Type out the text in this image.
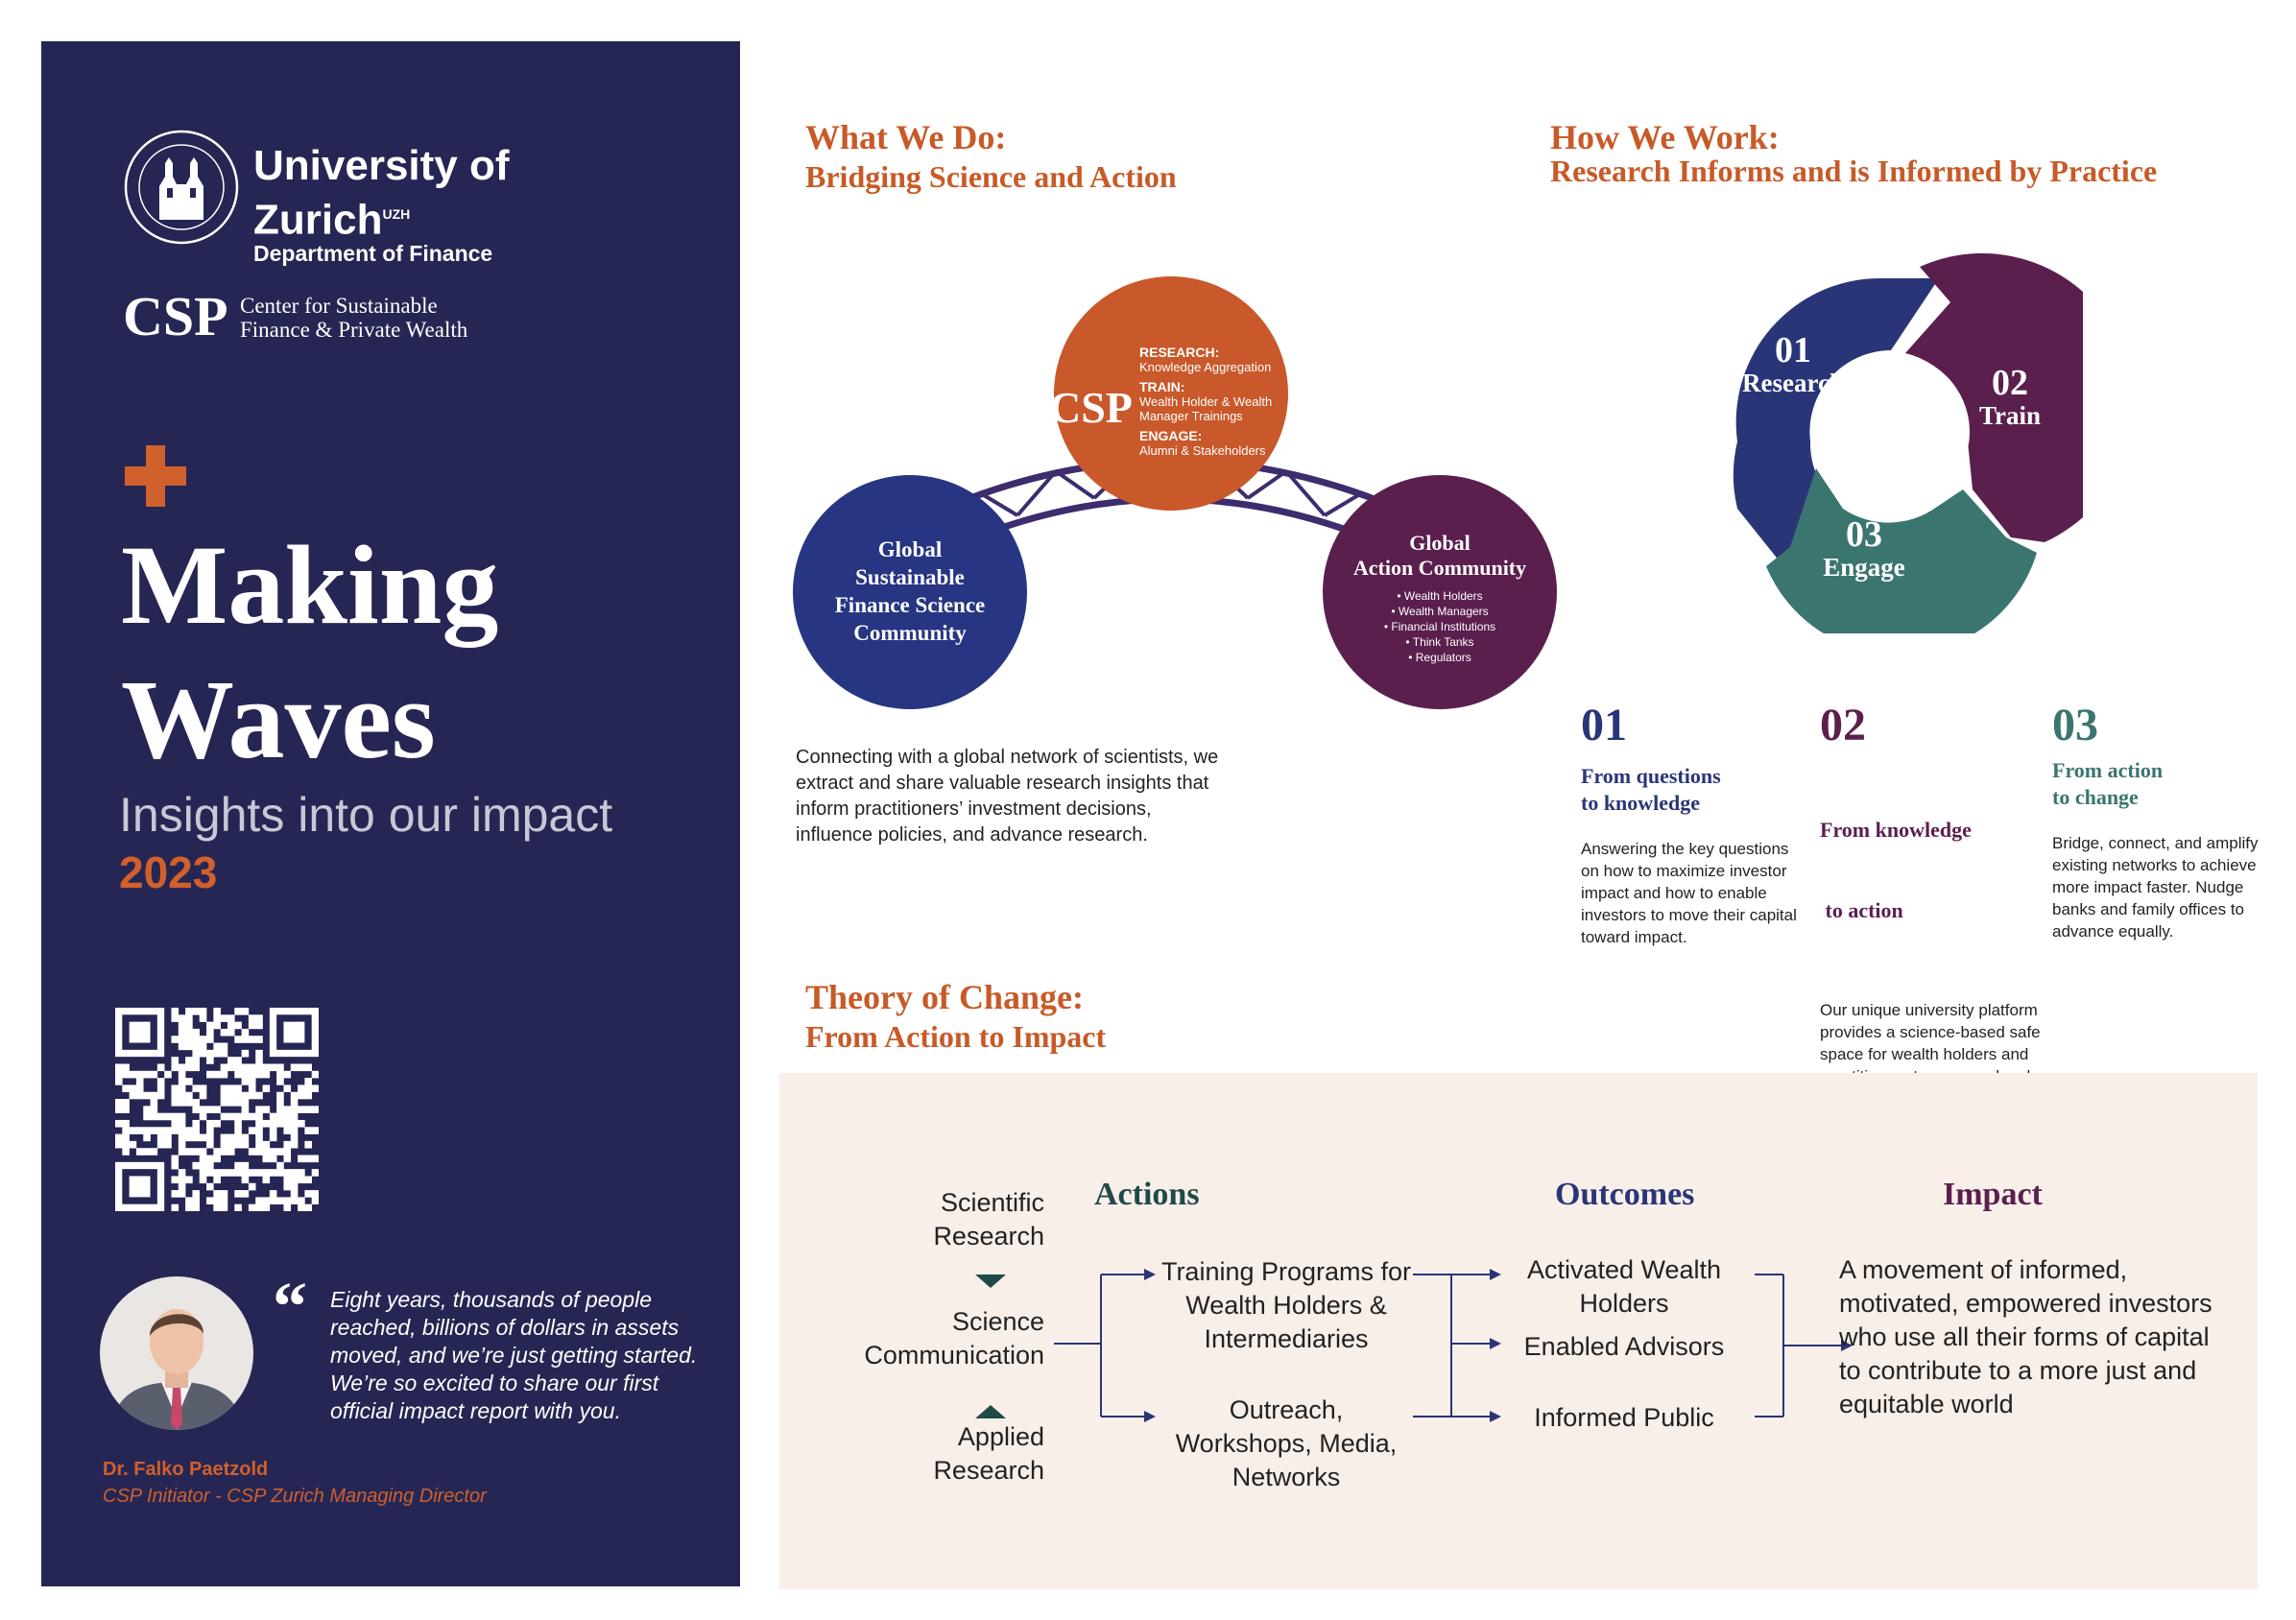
University of
Zurich$^{UZH}$
Department of Finance
CSP Center for Sustainable
Finance & Private Wealth
Making
Waves
Insights into our impact
2023
“ Eight years, thousands of people reached, billions of dollars in assets moved, and we’re just getting started. We’re so excited to share our first official impact report with you.
Dr. Falko Paetzold
CSP Initiator - CSP Zurich Managing Director
What We Do:
Bridging Science and Action
CSP
RESEARCH:
Knowledge Aggregation
TRAIN:
Wealth Holder & Wealth
Manager Trainings
ENGAGE:
Alumni & Stakeholders
Global
Sustainable
Finance Science
Community
Global
Action Community
• Wealth Holders
• Wealth Managers
• Financial Institutions
• Think Tanks
• Regulators
Connecting with a global network of scientists, we extract and share valuable research insights that inform practitioners’ investment decisions, influence policies, and advance research.
How We Work:
Research Informs and is Informed by Practice
01
Research	02
Train
03
Engage
01
From questions
to knowledge
Answering the key questions on how to maximize investor impact and how to enable investors to move their capital toward impact.
02

From knowledge

to action

Our unique university platform provides a science-based safe space for wealth holders and
03
From action
to change
Bridge, connect, and amplify existing networks to achieve more impact faster. Nudge banks and family offices to advance equally.
Theory of Change:
From Action to Impact
Scientific Research
Science Communication
Applied Research
Actions
Training Programs for Wealth Holders & Intermediaries
Outreach, Workshops, Media, Networks
Outcomes
Activated Wealth Holders
Enabled Advisors
Informed Public
Impact
A movement of informed, motivated, empowered investors who use all their forms of capital to contribute to a more just and equitable world
